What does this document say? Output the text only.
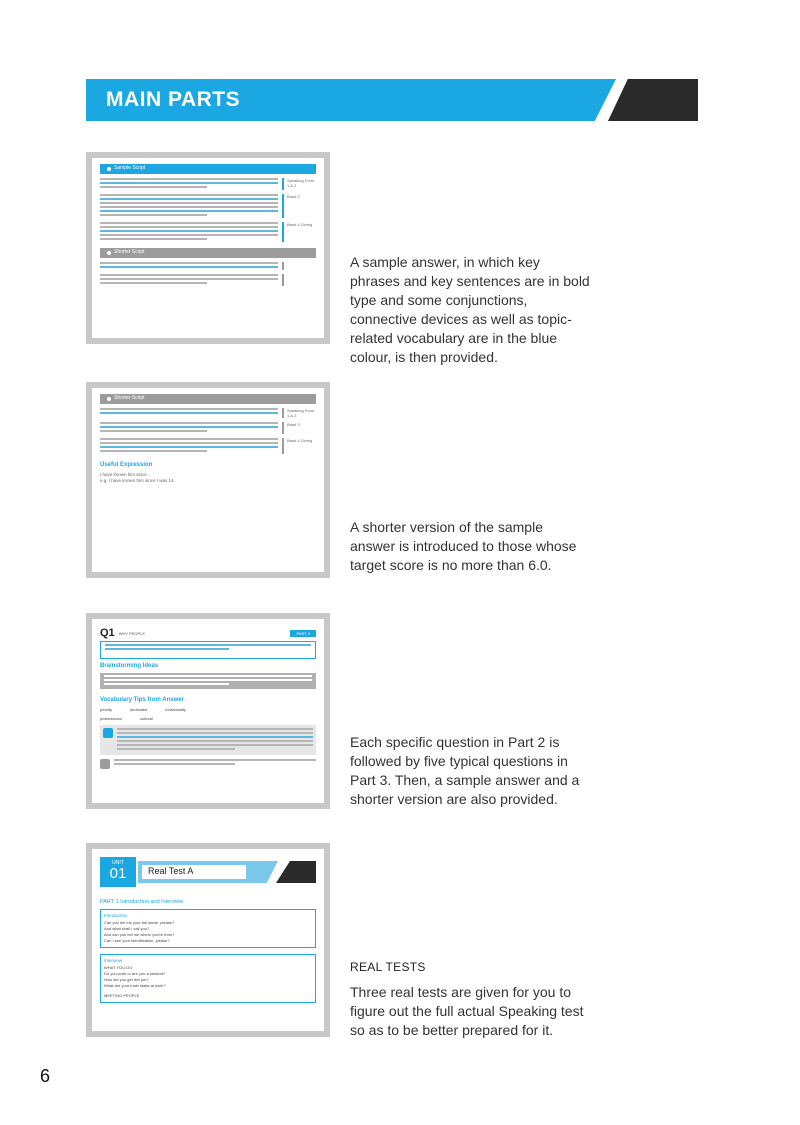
MAIN PARTS
Sample Script
Speaking Form 1 & 2
Band 3
Band 4 Giving
Shorter Script
A sample answer, in which key phrases and key sentences are in bold type and some conjunctions, connective devices as well as topic-related vocabulary are in the blue colour, is then provided.
Shorter Script
Speaking Form 1 & 2
Band 3
Band 4 Giving
Useful Expression
I have known him since...
e.g. I have known him since I was 14.
A shorter version of the sample answer is introduced to those whose target score is no more than 6.0.
Q1 WHY PEOPLE	PART 3
Brainstorming Ideas
Vocabulary Tips from Answer
priority	dedicated	individuality
possessions	cultural
Each specific question in Part 2 is followed by five typical questions in Part 3. Then, a sample answer and a shorter version are also provided.
UNIT
01	Real Test A
PART 1 Introduction and Interview
Introduction
Can you tell me your full name, please?
And what shall I call you?
And can you tell me where you're from?
Can I see your identification, please?
Interview
WHAT YOU DO
Do you work or are you a student?
How did you get this job?
What are your main tasks at work?
MEETING PEOPLE
REAL TESTS
Three real tests are given for you to figure out the full actual Speaking test so as to be better prepared for it.
6
